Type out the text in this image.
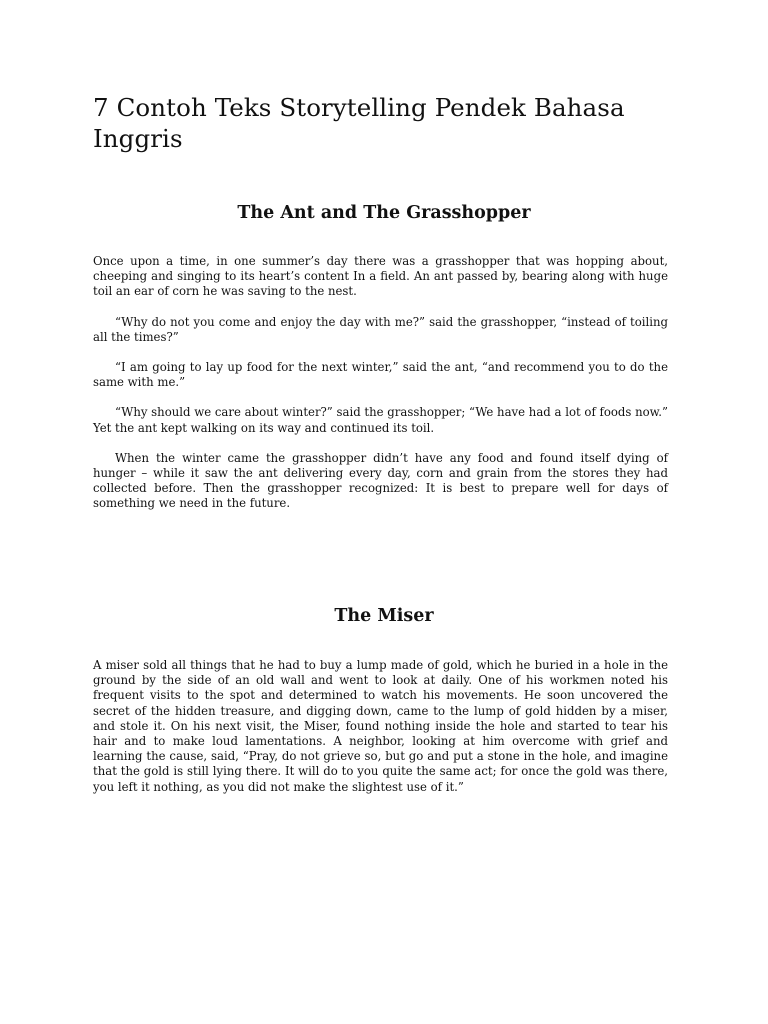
7 Contoh Teks Storytelling Pendek Bahasa Inggris
The Ant and The Grasshopper

Once upon a time, in one summer’s day there was a grasshopper that was hopping about, cheeping and singing to its heart’s content In a field. An ant passed by, bearing along with huge toil an ear of corn he was saving to the nest.

“Why do not you come and enjoy the day with me?” said the grasshopper, “instead of toiling all the times?”

“I am going to lay up food for the next winter,” said the ant, “and recommend you to do the same with me.”

“Why should we care about winter?” said the grasshopper; “We have had a lot of foods now.” Yet the ant kept walking on its way and continued its toil.

When the winter came the grasshopper didn’t have any food and found itself dying of hunger – while it saw the ant delivering every day, corn and grain from the stores they had collected before. Then the grasshopper recognized: It is best to prepare well for days of something we need in the future.

The Miser

A miser sold all things that he had to buy a lump made of gold, which he buried in a hole in the ground by the side of an old wall and went to look at daily. One of his workmen noted his frequent visits to the spot and determined to watch his movements. He soon uncovered the secret of the hidden treasure, and digging down, came to the lump of gold hidden by a miser, and stole it. On his next visit, the Miser, found nothing inside the hole and started to tear his hair and to make loud lamentations. A neighbor, looking at him overcome with grief and learning the cause, said, “Pray, do not grieve so, but go and put a stone in the hole, and imagine that the gold is still lying there. It will do to you quite the same act; for once the gold was there, you left it nothing, as you did not make the slightest use of it.”
